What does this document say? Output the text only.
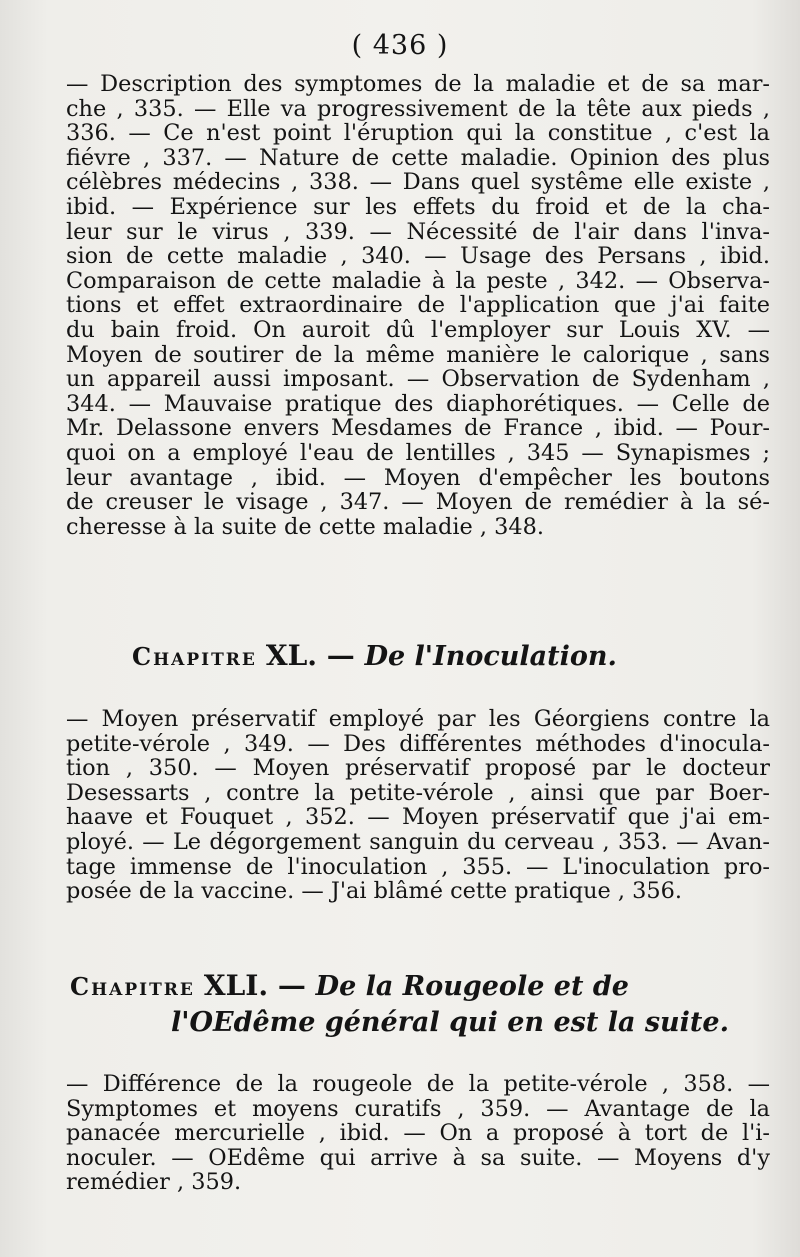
( 436 )
— Description des symptomes de la maladie et de sa mar-
che , 335. — Elle va progressivement de la tête aux pieds ,
336. — Ce n'est point l'éruption qui la constitue , c'est la
fiévre , 337. — Nature de cette maladie. Opinion des plus
célèbres médecins , 338. — Dans quel systême elle existe ,
ibid. — Expérience sur les effets du froid et de la cha-
leur sur le virus , 339. — Nécessité de l'air dans l'inva-
sion de cette maladie , 340. — Usage des Persans , ibid.
Comparaison de cette maladie à la peste , 342. — Observa-
tions et effet extraordinaire de l'application que j'ai faite
du bain froid. On auroit dû l'employer sur Louis XV. —
Moyen de soutirer de la même manière le calorique , sans
un appareil aussi imposant. — Observation de Sydenham ,
344. — Mauvaise pratique des diaphorétiques. — Celle de
Mr. Delassone envers Mesdames de France , ibid. — Pour-
quoi on a employé l'eau de lentilles , 345 — Synapismes ;
leur avantage , ibid. — Moyen d'empêcher les boutons
de creuser le visage , 347. — Moyen de remédier à la sé-
cheresse à la suite de cette maladie , 348.
Chapitre XL. — De l'Inoculation.
— Moyen préservatif employé par les Géorgiens contre la
petite-vérole , 349. — Des différentes méthodes d'inocula-
tion , 350. — Moyen préservatif proposé par le docteur
Desessarts , contre la petite-vérole , ainsi que par Boer-
haave et Fouquet , 352. — Moyen préservatif que j'ai em-
ployé. — Le dégorgement sanguin du cerveau , 353. — Avan-
tage immense de l'inoculation , 355. — L'inoculation pro-
posée de la vaccine. — J'ai blâmé cette pratique , 356.
Chapitre XLI. — De la Rougeole et de
l'OEdême général qui en est la suite.
— Différence de la rougeole de la petite-vérole , 358. —
Symptomes et moyens curatifs , 359. — Avantage de la
panacée mercurielle , ibid. — On a proposé à tort de l'i-
noculer. — OEdême qui arrive à sa suite. — Moyens d'y
remédier , 359.
